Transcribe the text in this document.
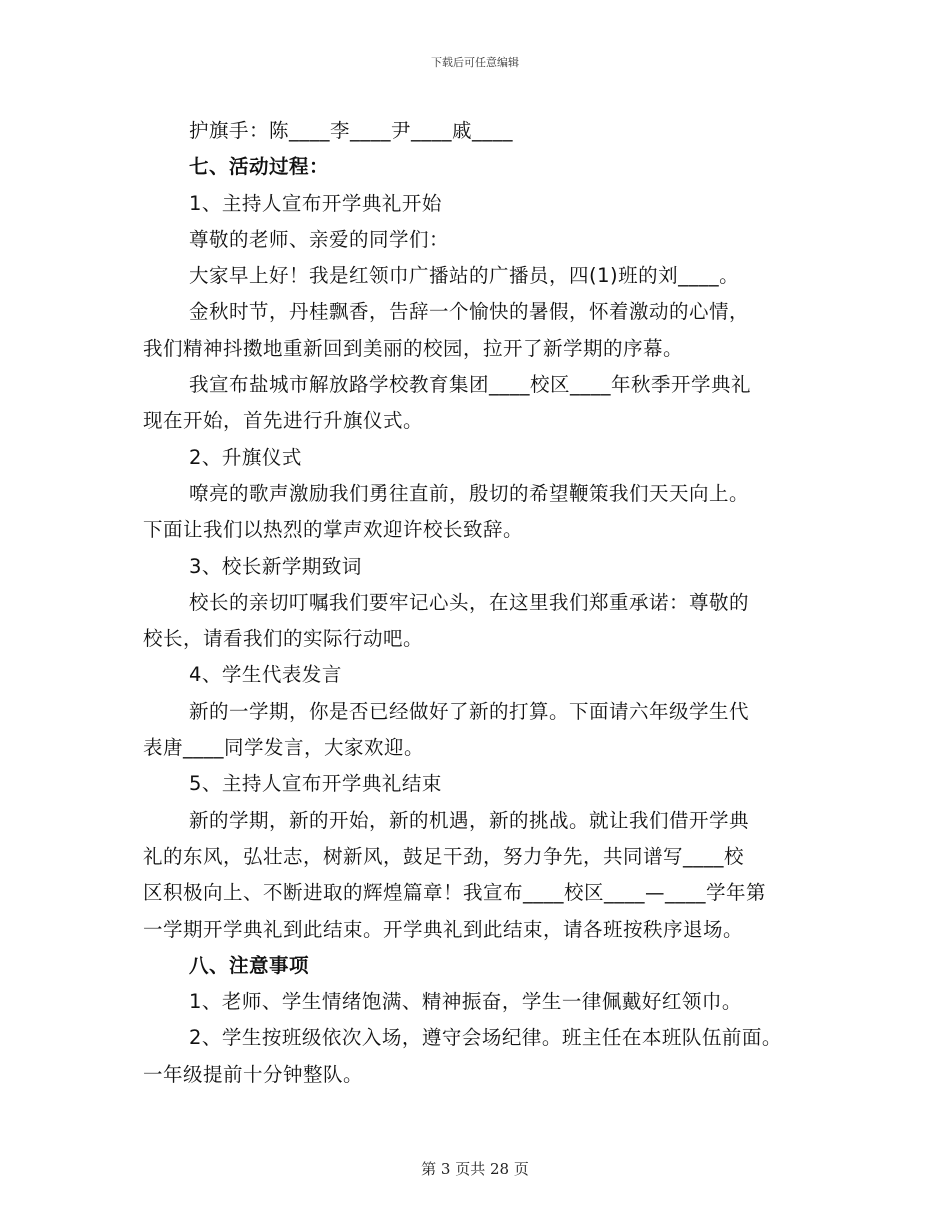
下载后可任意编辑
护旗手：陈____李____尹____戚____
七、活动过程：
1、主持人宣布开学典礼开始
尊敬的老师、亲爱的同学们：
大家早上好！我是红领巾广播站的广播员，四(1)班的刘____。
金秋时节，丹桂飘香，告辞一个愉快的暑假，怀着激动的心情，
我们精神抖擞地重新回到美丽的校园，拉开了新学期的序幕。
我宣布盐城市解放路学校教育集团____校区____年秋季开学典礼
现在开始，首先进行升旗仪式。
2、升旗仪式
嘹亮的歌声激励我们勇往直前，殷切的希望鞭策我们天天向上。
下面让我们以热烈的掌声欢迎许校长致辞。
3、校长新学期致词
校长的亲切叮嘱我们要牢记心头，在这里我们郑重承诺：尊敬的
校长，请看我们的实际行动吧。
4、学生代表发言
新的一学期，你是否已经做好了新的打算。下面请六年级学生代
表唐____同学发言，大家欢迎。
5、主持人宣布开学典礼结束
新的学期，新的开始，新的机遇，新的挑战。就让我们借开学典
礼的东风，弘壮志，树新风，鼓足干劲，努力争先，共同谱写____校
区积极向上、不断进取的辉煌篇章！我宣布____校区____—____学年第
一学期开学典礼到此结束。开学典礼到此结束，请各班按秩序退场。
八、注意事项
1、老师、学生情绪饱满、精神振奋，学生一律佩戴好红领巾。
2、学生按班级依次入场，遵守会场纪律。班主任在本班队伍前面。
一年级提前十分钟整队。
第 3 页共 28 页
